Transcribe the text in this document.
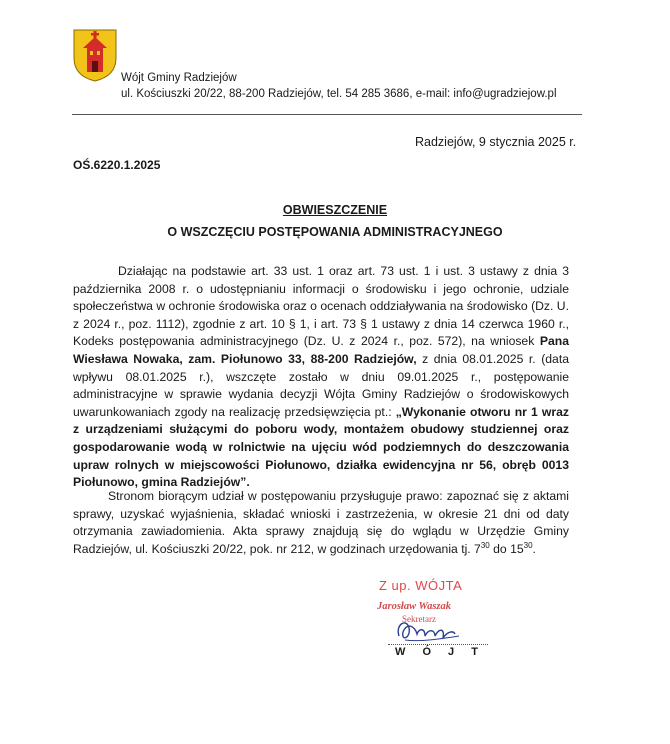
Wójt Gminy Radziejów
ul. Kościuszki 20/22, 88-200 Radziejów, tel. 54 285 3686, e-mail: info@ugradziejow.pl
Radziejów, 9 stycznia 2025 r.
OŚ.6220.1.2025
OBWIESZCZENIE
O WSZCZĘCIU POSTĘPOWANIA ADMINISTRACYJNEGO
Działając na podstawie art. 33 ust. 1 oraz art. 73 ust. 1 i ust. 3 ustawy z dnia 3 października 2008 r. o udostępnianiu informacji o środowisku i jego ochronie, udziale społeczeństwa w ochronie środowiska oraz o ocenach oddziaływania na środowisko (Dz. U. z 2024 r., poz. 1112), zgodnie z art. 10 § 1, i art. 73 § 1 ustawy z dnia 14 czerwca 1960 r., Kodeks postępowania administracyjnego (Dz. U. z 2024 r., poz. 572), na wniosek Pana Wiesława Nowaka, zam. Piołunowo 33, 88-200 Radziejów, z dnia 08.01.2025 r. (data wpływu 08.01.2025 r.), wszczęte zostało w dniu 09.01.2025 r., postępowanie administracyjne w sprawie wydania decyzji Wójta Gminy Radziejów o środowiskowych uwarunkowaniach zgody na realizację przedsięwzięcia pt.: „Wykonanie otworu nr 1 wraz z urządzeniami służącymi do poboru wody, montażem obudowy studziennej oraz gospodarowanie wodą w rolnictwie na ujęciu wód podziemnych do deszczowania upraw rolnych w miejscowości Piołunowo, działka ewidencyjna nr 56, obręb 0013 Piołunowo, gmina Radziejów”.
Stronom biorącym udział w postępowaniu przysługuje prawo: zapoznać się z aktami sprawy, uzyskać wyjaśnienia, składać wnioski i zastrzeżenia, w okresie 21 dni od daty otrzymania zawiadomienia. Akta sprawy znajdują się do wglądu w Urzędzie Gminy Radziejów, ul. Kościuszki 20/22, pok. nr 212, w godzinach urzędowania tj. $7^{30}$ do $15^{30}$.
Z up. WÓJTA
Jarosław Waszak
Sekretarz
W Ó J T
